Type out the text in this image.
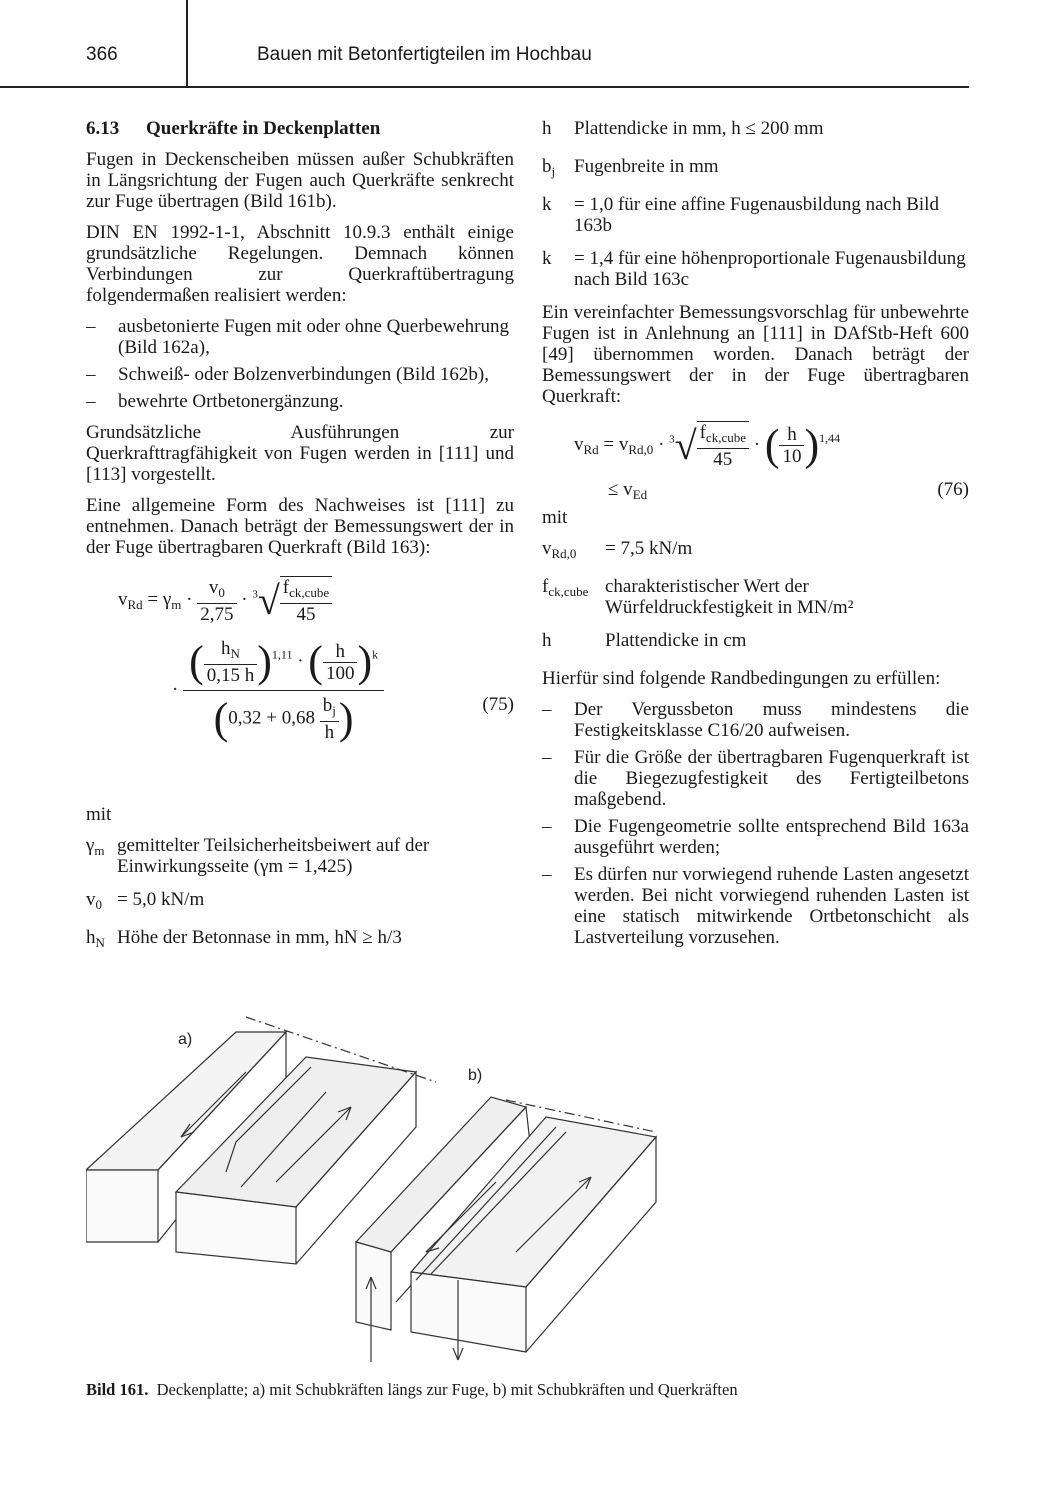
366	Bauen mit Betonfertigteilen im Hochbau
6.13 Querkräfte in Deckenplatten

Fugen in Deckenscheiben müssen außer Schubkräften in Längsrichtung der Fugen auch Querkräfte senkrecht zur Fuge übertragen (Bild 161b).

DIN EN 1992-1-1, Abschnitt 10.9.3 enthält einige grundsätzliche Regelungen. Demnach können Verbindungen zur Querkraftübertragung folgendermaßen realisiert werden:

– ausbetonierte Fugen mit oder ohne Querbewehrung (Bild 162a),
– Schweiß- oder Bolzenverbindungen (Bild 162b),
– bewehrte Ortbetonergänzung.

Grundsätzliche Ausführungen zur Querkrafttragfähigkeit von Fugen werden in [111] und [113] vorgestellt.

Eine allgemeine Form des Nachweises ist [111] zu entnehmen. Danach beträgt der Bemessungswert der in der Fuge übertragbaren Querkraft (Bild 163):

$v_{Rd} = \gamma_m \cdot \frac{v_0}{2,75} \cdot ^3√ \frac{f_{ck,cube}}{45}$
·
( $\frac{h_N}{0,15 h} )^{1,11}$ · ( $\frac{h}{100} )^k$
($0,32 + 0,68 \frac{b_j}{h}$ )	(75)

mit

$\gamma_m$ gemittelter Teilsicherheitsbeiwert auf der Einwirkungsseite (γm = 1,425)
$v_0 = 5,0$ kN/m
$h_N$ Höhe der Betonnase in mm, hN ≥ h/3
h	Plattendicke in mm, h ≤ 200 mm
$b_j$ Fugenbreite in mm
k	= 1,0 für eine affine Fugenausbildung nach Bild 163b
k	= 1,4 für eine höhenproportionale Fugenausbildung nach Bild 163c

Ein vereinfachter Bemessungsvorschlag für unbewehrte Fugen ist in Anlehnung an [111] in DAfStb-Heft 600 [49] übernommen worden. Danach beträgt der Bemessungswert der in der Fuge übertragbaren Querkraft:

$v_{Rd} = v_{Rd,0} \cdot ^3√ \frac{f_{ck,cube}}{45}$ · ( $\frac{h}{10} )^{1,44}$
≤ $v_{Ed}$	(76)

mit

$v_{Rd,0}$	= 7,5 kN/m
$f_{ck,cube}$ charakteristischer Wert der Würfeldruckfestigkeit in MN/m²
h	Plattendicke in cm

Hierfür sind folgende Randbedingungen zu erfüllen:

– Der Vergussbeton muss mindestens die Festigkeitsklasse C16/20 aufweisen.
– Für die Größe der übertragbaren Fugenquerkraft ist die Biegezugfestigkeit des Fertigteilbetons maßgebend.
– Die Fugengeometrie sollte entsprechend Bild 163a ausgeführt werden;
– Es dürfen nur vorwiegend ruhende Lasten angesetzt werden. Bei nicht vorwiegend ruhenden Lasten ist eine statisch mitwirkende Ortbetonschicht als Lastverteilung vorzusehen.
a)
b)
Bild 161. Deckenplatte; a) mit Schubkräften längs zur Fuge, b) mit Schubkräften und Querkräften
